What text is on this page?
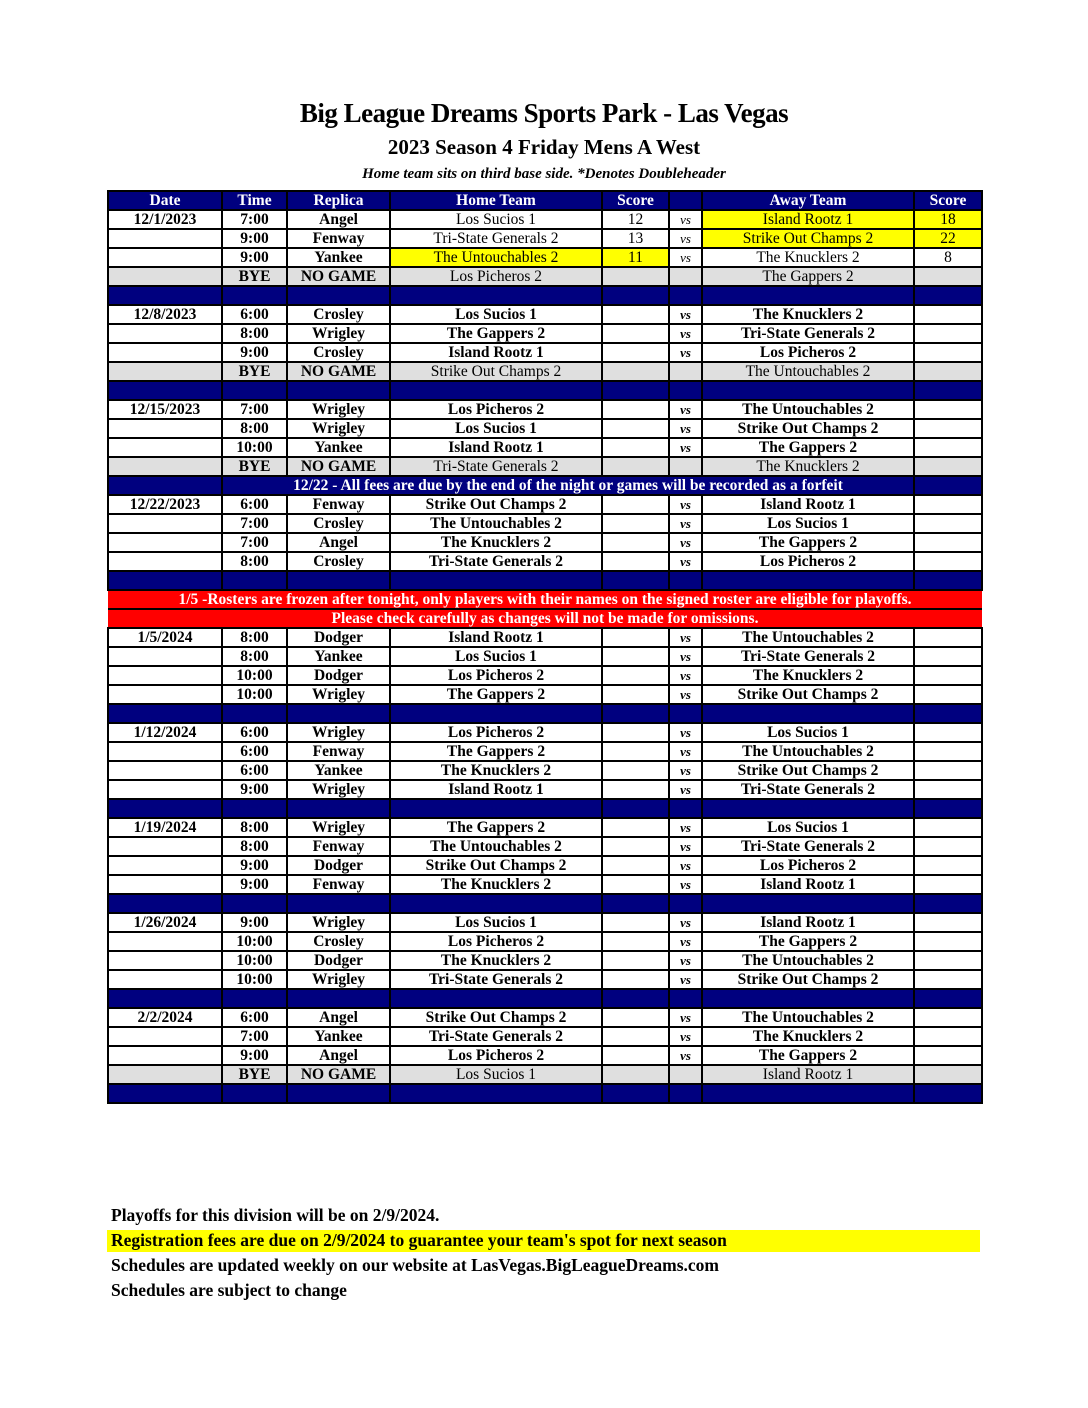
Big League Dreams Sports Park - Las Vegas
2023 Season 4 Friday Mens A West
Home team sits on third base side. *Denotes Doubleheader
Date	Time	Replica	Home Team	Score		Away Team	Score
12/1/2023	7:00	Angel	Los Sucios 1	12	vs	Island Rootz 1	18
	9:00	Fenway	Tri-State Generals 2	13	vs	Strike Out Champs 2	22
	9:00	Yankee	The Untouchables 2	11	vs	The Knucklers 2	8
	BYE	NO GAME	Los Picheros 2			The Gappers 2	

12/8/2023	6:00	Crosley	Los Sucios 1		vs	The Knucklers 2	
	8:00	Wrigley	The Gappers 2		vs	Tri-State Generals 2	
	9:00	Crosley	Island Rootz 1		vs	Los Picheros 2	
	BYE	NO GAME	Strike Out Champs 2			The Untouchables 2	

12/15/2023	7:00	Wrigley	Los Picheros 2		vs	The Untouchables 2	
	8:00	Wrigley	Los Sucios 1		vs	Strike Out Champs 2	
	10:00	Yankee	Island Rootz 1		vs	The Gappers 2	
	BYE	NO GAME	Tri-State Generals 2			The Knucklers 2	
	12/22 - All fees are due by the end of the night or games will be recorded as a forfeit						
12/22/2023	6:00	Fenway	Strike Out Champs 2		vs	Island Rootz 1	
	7:00	Crosley	The Untouchables 2		vs	Los Sucios 1	
	7:00	Angel	The Knucklers 2		vs	The Gappers 2	
	8:00	Crosley	Tri-State Generals 2		vs	Los Picheros 2	

1/5 -Rosters are frozen after tonight, only players with their names on the signed roster are eligible for playoffs.							
Please check carefully as changes will not be made for omissions.							
1/5/2024	8:00	Dodger	Island Rootz 1		vs	The Untouchables 2	
	8:00	Yankee	Los Sucios 1		vs	Tri-State Generals 2	
	10:00	Dodger	Los Picheros 2		vs	The Knucklers 2	
	10:00	Wrigley	The Gappers 2		vs	Strike Out Champs 2	

1/12/2024	6:00	Wrigley	Los Picheros 2		vs	Los Sucios 1	
	6:00	Fenway	The Gappers 2		vs	The Untouchables 2	
	6:00	Yankee	The Knucklers 2		vs	Strike Out Champs 2	
	9:00	Wrigley	Island Rootz 1		vs	Tri-State Generals 2	

1/19/2024	8:00	Wrigley	The Gappers 2		vs	Los Sucios 1	
	8:00	Fenway	The Untouchables 2		vs	Tri-State Generals 2	
	9:00	Dodger	Strike Out Champs 2		vs	Los Picheros 2	
	9:00	Fenway	The Knucklers 2		vs	Island Rootz 1	

1/26/2024	9:00	Wrigley	Los Sucios 1		vs	Island Rootz 1	
	10:00	Crosley	Los Picheros 2		vs	The Gappers 2	
	10:00	Dodger	The Knucklers 2		vs	The Untouchables 2	
	10:00	Wrigley	Tri-State Generals 2		vs	Strike Out Champs 2	

2/2/2024	6:00	Angel	Strike Out Champs 2		vs	The Untouchables 2	
	7:00	Yankee	Tri-State Generals 2		vs	The Knucklers 2	
	9:00	Angel	Los Picheros 2		vs	The Gappers 2	
	BYE	NO GAME	Los Sucios 1			Island Rootz 1	

Playoffs for this division will be on 2/9/2024.
Registration fees are due on 2/9/2024 to guarantee your team's spot for next season
Schedules are updated weekly on our website at LasVegas.BigLeagueDreams.com
Schedules are subject to change
